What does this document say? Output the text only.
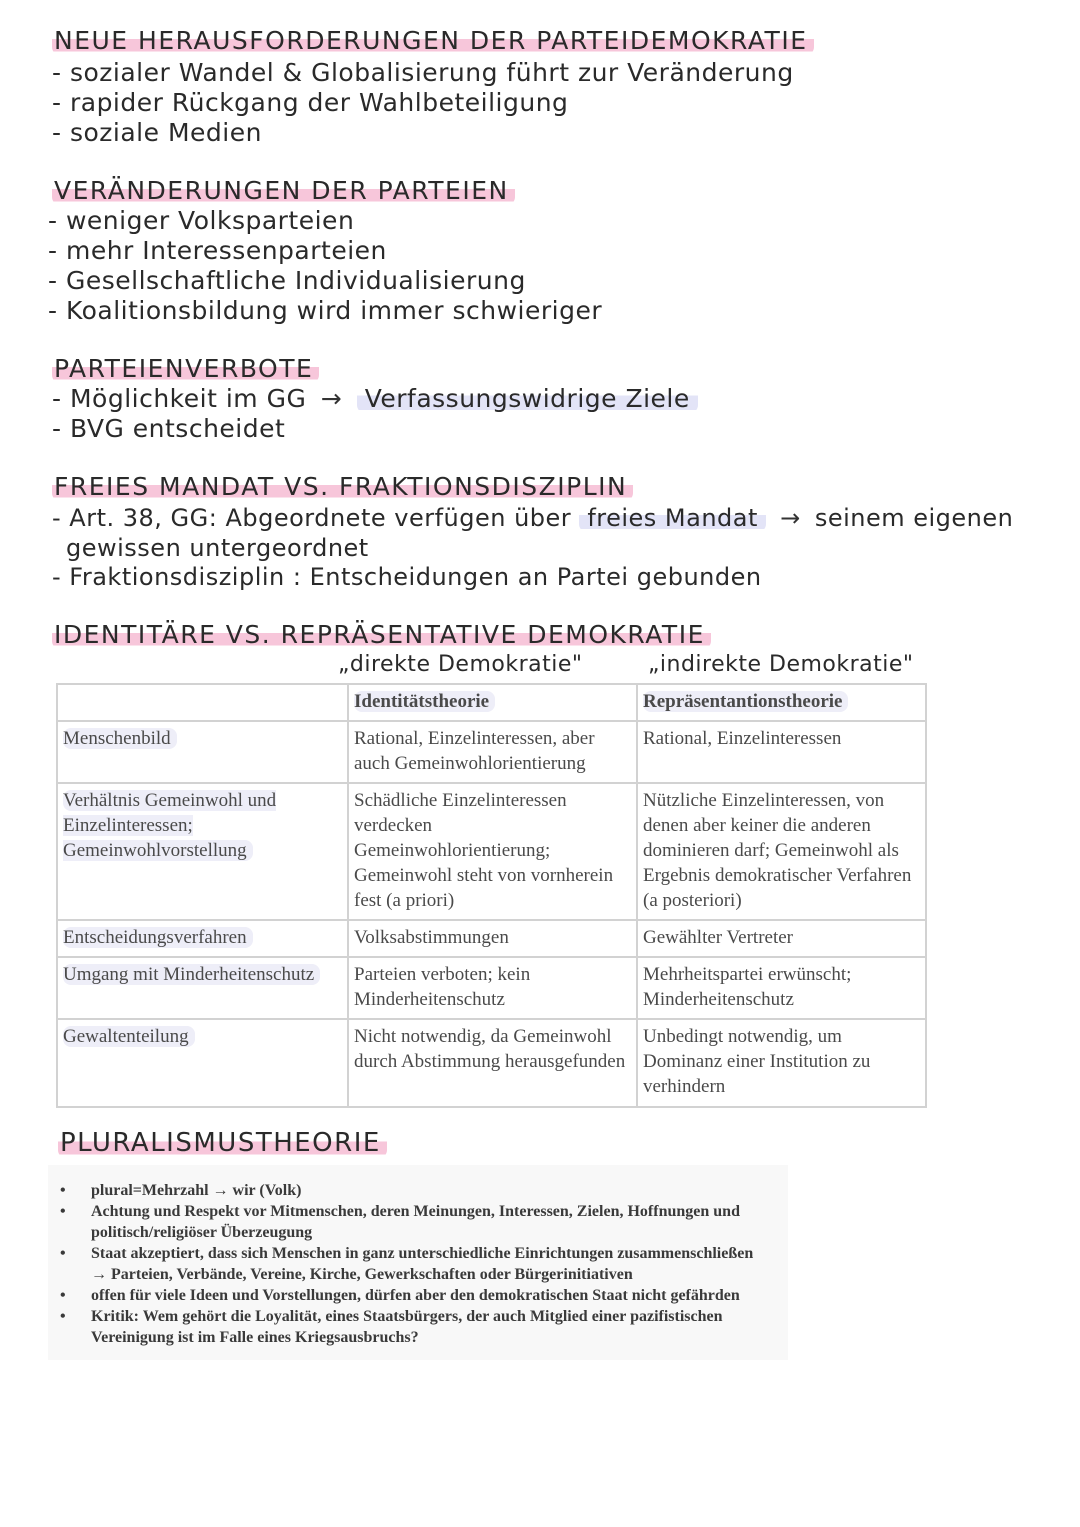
NEUE HERAUSFORDERUNGEN DER PARTEIDEMOKRATIE
- sozialer Wandel & Globalisierung führt zur Veränderung
- rapider Rückgang der Wahlbeteiligung
- soziale Medien
VERÄNDERUNGEN DER PARTEIEN
- weniger Volksparteien
- mehr Interessenparteien
- Gesellschaftliche Individualisierung
- Koalitionsbildung wird immer schwieriger
PARTEIENVERBOTE
- Möglichkeit im GG → Verfassungswidrige Ziele
- BVG entscheidet
FREIES MANDAT VS. FRAKTIONSDISZIPLIN
- Art. 38, GG: Abgeordnete verfügen über freies Mandat → seinem eigenen
gewissen untergeordnet
- Fraktionsdisziplin : Entscheidungen an Partei gebunden
IDENTITÄRE VS. REPRÄSENTATIVE DEMOKRATIE
„direkte Demokratie"	„indirekte Demokratie"
	Identitätstheorie	Repräsentantionstheorie
Menschenbild	Rational, Einzelinteressen, aber auch Gemeinwohlorientierung	Rational, Einzelinteressen
Verhältnis Gemeinwohl und Einzelinteressen; Gemeinwohlvorstellung	Schädliche Einzelinteressen verdecken Gemeinwohlorientierung; Gemeinwohl steht von vornherein fest (a priori)	Nützliche Einzelinteressen, von denen aber keiner die anderen dominieren darf; Gemeinwohl als Ergebnis demokratischer Verfahren (a posteriori)
Entscheidungsverfahren	Volksabstimmungen	Gewählter Vertreter
Umgang mit Minderheitenschutz	Parteien verboten; kein Minderheitenschutz	Mehrheitspartei erwünscht; Minderheitenschutz
Gewaltenteilung	Nicht notwendig, da Gemeinwohl durch Abstimmung herausgefunden	Unbedingt notwendig, um Dominanz einer Institution zu verhindern
PLURALISMUSTHEORIE
• plural=Mehrzahl → wir (Volk)
• Achtung und Respekt vor Mitmenschen, deren Meinungen, Interessen, Zielen, Hoffnungen und politisch/religiöser Überzeugung
• Staat akzeptiert, dass sich Menschen in ganz unterschiedliche Einrichtungen zusammenschließen
→ Parteien, Verbände, Vereine, Kirche, Gewerkschaften oder Bürgerinitiativen
• offen für viele Ideen und Vorstellungen, dürfen aber den demokratischen Staat nicht gefährden
• Kritik: Wem gehört die Loyalität, eines Staatsbürgers, der auch Mitglied einer pazifistischen Vereinigung ist im Falle eines Kriegsausbruchs?
